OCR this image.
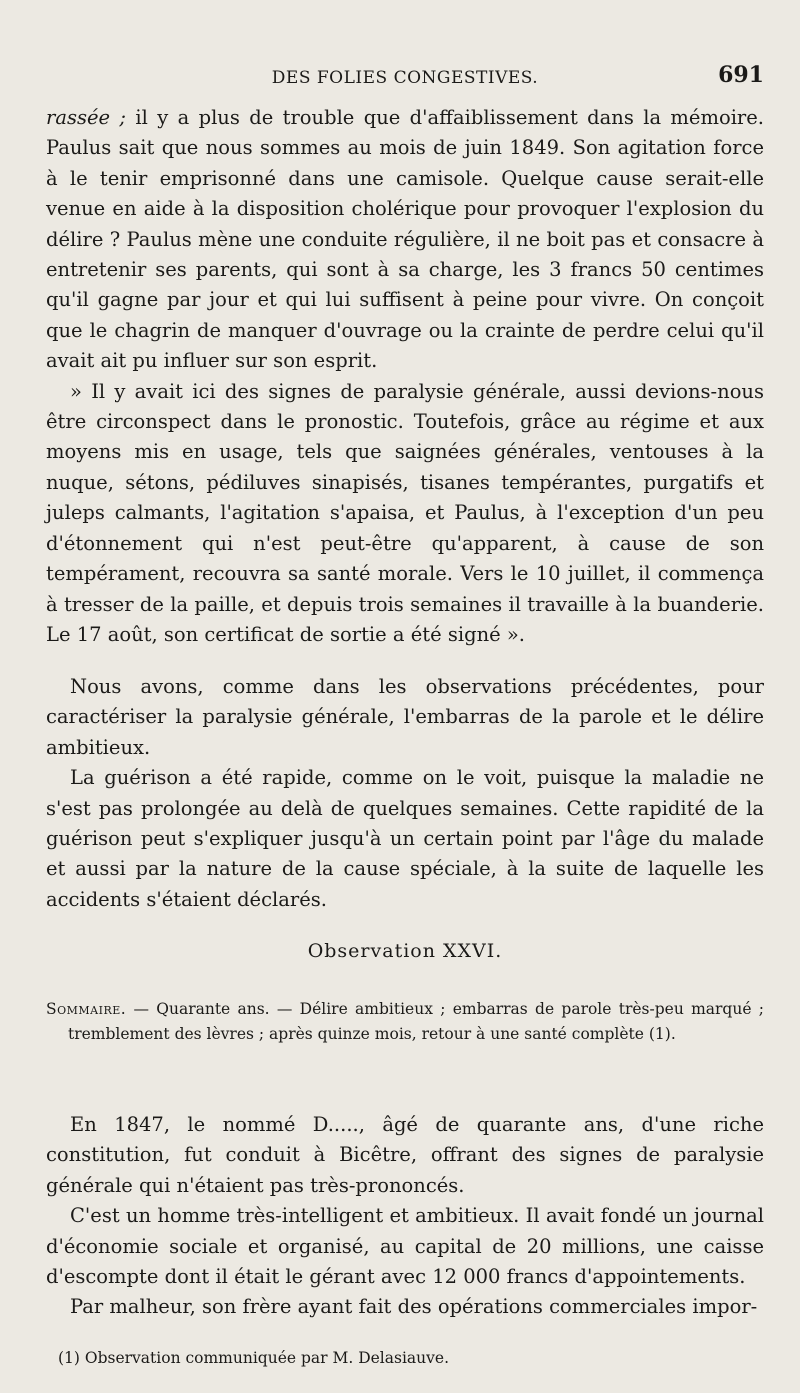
DES FOLIES CONGESTIVES.	691

rassée ; il y a plus de trouble que d'affaiblissement dans la mémoire. Paulus sait que nous sommes au mois de juin 1849. Son agitation force à le tenir emprisonné dans une camisole. Quelque cause serait-elle venue en aide à la disposition cholérique pour provoquer l'explosion du délire ? Paulus mène une conduite régulière, il ne boit pas et consacre à entretenir ses parents, qui sont à sa charge, les 3 francs 50 centimes qu'il gagne par jour et qui lui suffisent à peine pour vivre. On conçoit que le chagrin de manquer d'ouvrage ou la crainte de perdre celui qu'il avait ait pu influer sur son esprit.

» Il y avait ici des signes de paralysie générale, aussi devions-nous être circonspect dans le pronostic. Toutefois, grâce au régime et aux moyens mis en usage, tels que saignées générales, ventouses à la nuque, sétons, pédiluves sinapisés, tisanes tempérantes, purgatifs et juleps calmants, l'agitation s'apaisa, et Paulus, à l'exception d'un peu d'étonnement qui n'est peut-être qu'apparent, à cause de son tempérament, recouvra sa santé morale. Vers le 10 juillet, il commença à tresser de la paille, et depuis trois semaines il travaille à la buanderie. Le 17 août, son certificat de sortie a été signé ».

Nous avons, comme dans les observations précédentes, pour caractériser la paralysie générale, l'embarras de la parole et le délire ambitieux.

La guérison a été rapide, comme on le voit, puisque la maladie ne s'est pas prolongée au delà de quelques semaines. Cette rapidité de la guérison peut s'expliquer jusqu'à un certain point par l'âge du malade et aussi par la nature de la cause spéciale, à la suite de laquelle les accidents s'étaient déclarés.

Observation XXVI.
Sommaire. — Quarante ans. — Délire ambitieux ; embarras de parole très-peu marqué ; tremblement des lèvres ; après quinze mois, retour à une santé complète (1).

En 1847, le nommé D....., âgé de quarante ans, d'une riche constitution, fut conduit à Bicêtre, offrant des signes de paralysie générale qui n'étaient pas très-prononcés.

C'est un homme très-intelligent et ambitieux. Il avait fondé un journal d'économie sociale et organisé, au capital de 20 millions, une caisse d'escompte dont il était le gérant avec 12 000 francs d'appointements.

Par malheur, son frère ayant fait des opérations commerciales impor-

(1) Observation communiquée par M. Delasiauve.
